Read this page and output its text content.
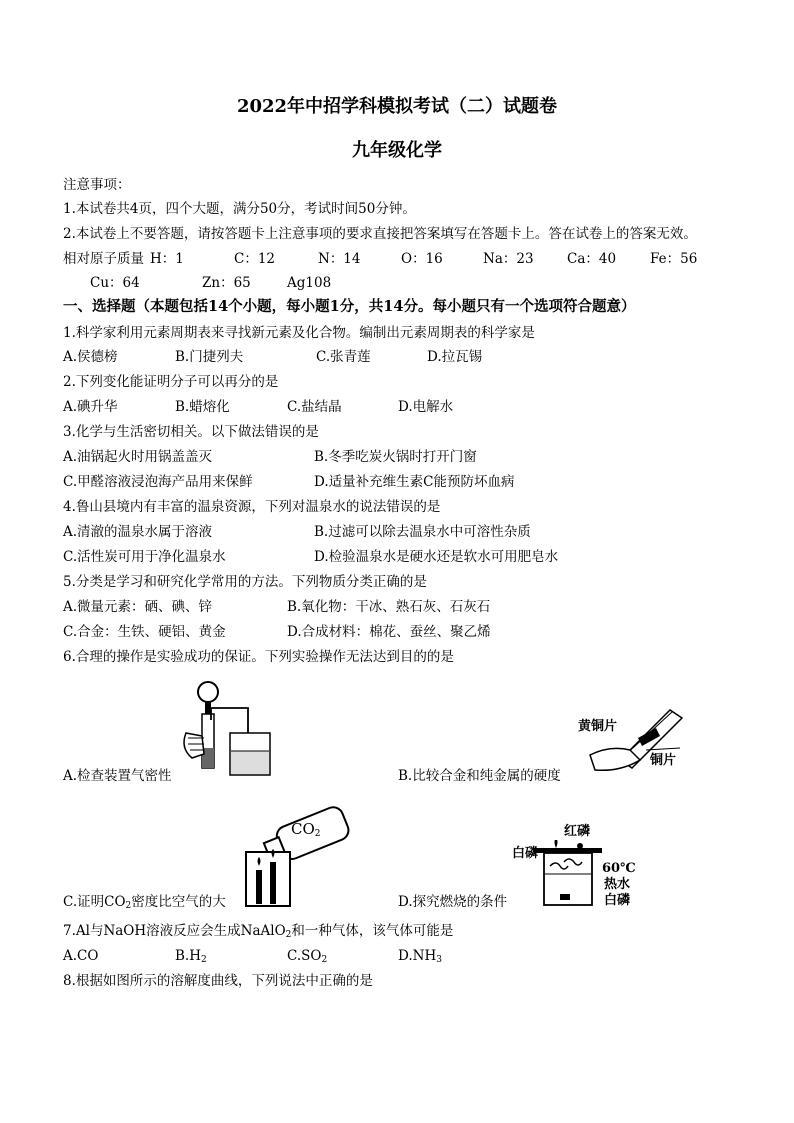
2022年中招学科模拟考试（二）试题卷
九年级化学
注意事项：
1.本试卷共4页，四个大题，满分50分，考试时间50分钟。
2.本试卷上不要答题，请按答题卡上注意事项的要求直接把答案填写在答题卡上。答在试卷上的答案无效。
相对原子质量 H：1	C：12	N：14	O：16	Na：23 Ca：40	Fe：56
Cu：64	Zn：65	Ag108
一、选择题（本题包括14个小题，每小题1分，共14分。每小题只有一个选项符合题意）
1.科学家利用元素周期表来寻找新元素及化合物。编制出元素周期表的科学家是
A.侯德榜	B.门捷列夫	C.张青莲	D.拉瓦锡
2.下列变化能证明分子可以再分的是
A.碘升华	B.蜡熔化	C.盐结晶	D.电解水
3.化学与生活密切相关。以下做法错误的是
A.油锅起火时用锅盖盖灭	B.冬季吃炭火锅时打开门窗
C.甲醛溶液浸泡海产品用来保鲜	D.适量补充维生素C能预防坏血病
4.鲁山县境内有丰富的温泉资源，下列对温泉水的说法错误的是
A.清澈的温泉水属于溶液	B.过滤可以除去温泉水中可溶性杂质
C.活性炭可用于净化温泉水	D.检验温泉水是硬水还是软水可用肥皂水
5.分类是学习和研究化学常用的方法。下列物质分类正确的是
A.微量元素：硒、碘、锌	B.氧化物：干冰、熟石灰、石灰石
C.合金：生铁、硬铝、黄金	D.合成材料：棉花、蚕丝、聚乙烯
6.合理的操作是实验成功的保证。下列实验操作无法达到目的的是
A.检查装置气密性
黄铜片
铜片
B.比较合金和纯金属的硬度
$CO_2$
C.证明$CO_2$密度比空气的大
红磷
白磷
60℃
热水
白磷
D.探究燃烧的条件
7.Al与NaOH溶液反应会生成NaAlO$_2$和一种气体，该气体可能是
A.CO	$B.H_2$	$C.SO_2$	$D.NH_3$
8.根据如图所示的溶解度曲线，下列说法中正确的是
